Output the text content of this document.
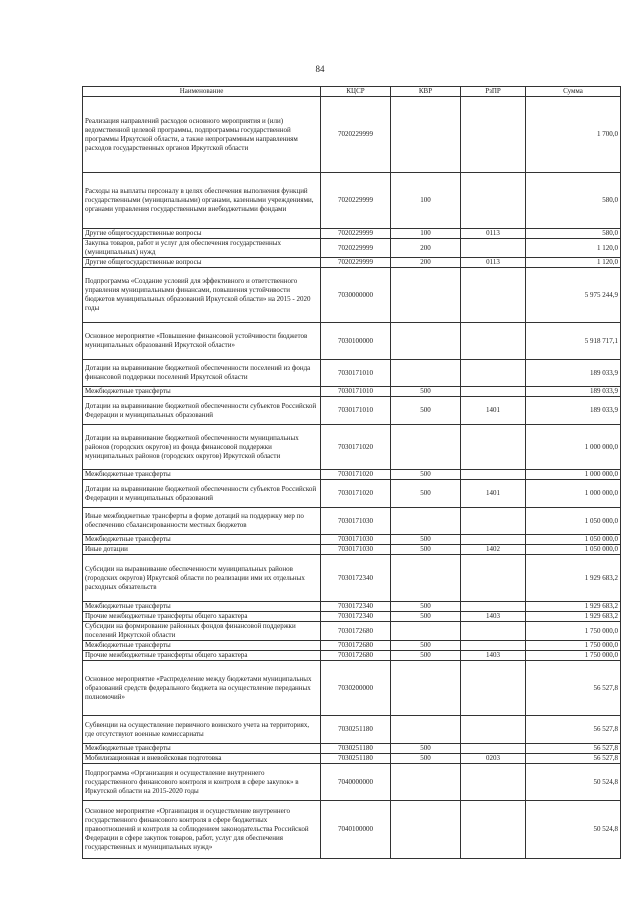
84
Наименование	КЦСР	КВР	РзПР	Сумма
Реализация направлений расходов основного мероприятия и (или) ведомственной целевой программы, подпрограммы государственной программы Иркутской области, а также непрограммным направлениям расходов государственных органов Иркутской области	7020229999			1 700,0
Расходы на выплаты персоналу в целях обеспечения выполнения функций государственными (муниципальными) органами, казенными учреждениями, органами управления государственными внебюджетными фондами	7020229999	100		580,0
Другие общегосударственные вопросы	7020229999	100	0113	580,0
Закупка товаров, работ и услуг для обеспечения государственных (муниципальных) нужд	7020229999	200		1 120,0
Другие общегосударственные вопросы	7020229999	200	0113	1 120,0
Подпрограмма «Создание условий для эффективного и ответственного управления муниципальными финансами, повышения устойчивости бюджетов муниципальных образований Иркутской области» на 2015 - 2020 годы	7030000000			5 975 244,9
Основное мероприятие «Повышение финансовой устойчивости бюджетов муниципальных образований Иркутской области»	7030100000			5 918 717,1
Дотации на выравнивание бюджетной обеспеченности поселений из фонда финансовой поддержки поселений Иркутской области	7030171010			189 033,9
Межбюджетные трансферты	7030171010	500		189 033,9
Дотации на выравнивание бюджетной обеспеченности субъектов Российской Федерации и муниципальных образований	7030171010	500	1401	189 033,9
Дотации на выравнивание бюджетной обеспеченности муниципальных районов (городских округов) из фонда финансовой поддержки муниципальных районов (городских округов) Иркутской области	7030171020			1 000 000,0
Межбюджетные трансферты	7030171020	500		1 000 000,0
Дотации на выравнивание бюджетной обеспеченности субъектов Российской Федерации и муниципальных образований	7030171020	500	1401	1 000 000,0
Иные межбюджетные трансферты в форме дотаций на поддержку мер по обеспечению сбалансированности местных бюджетов	7030171030			1 050 000,0
Межбюджетные трансферты	7030171030	500		1 050 000,0
Иные дотации	7030171030	500	1402	1 050 000,0
Субсидии на выравнивание обеспеченности муниципальных районов (городских округов) Иркутской области по реализации ими их отдельных расходных обязательств	7030172340			1 929 683,2
Межбюджетные трансферты	7030172340	500		1 929 683,2
Прочие межбюджетные трансферты общего характера	7030172340	500	1403	1 929 683,2
Субсидии на формирование районных фондов финансовой поддержки поселений Иркутской области	7030172680			1 750 000,0
Межбюджетные трансферты	7030172680	500		1 750 000,0
Прочие межбюджетные трансферты общего характера	7030172680	500	1403	1 750 000,0
Основное мероприятие «Распределение между бюджетами муниципальных образований средств федерального бюджета на осуществление переданных полномочий»	7030200000			56 527,8
Субвенции на осуществление первичного воинского учета на территориях, где отсутствуют военные комиссариаты	7030251180			56 527,8
Межбюджетные трансферты	7030251180	500		56 527,8
Мобилизационная и вневойсковая подготовка	7030251180	500	0203	56 527,8
Подпрограмма «Организация и осуществление внутреннего государственного финансового контроля и контроля в сфере закупок» в Иркутской области на 2015-2020 годы	7040000000			50 524,8
Основное мероприятие «Организация и осуществление внутреннего государственного финансового контроля в сфере бюджетных правоотношений и контроля за соблюдением законодательства Российской Федерации в сфере закупок товаров, работ, услуг для обеспечения государственных и муниципальных нужд»	7040100000			50 524,8
